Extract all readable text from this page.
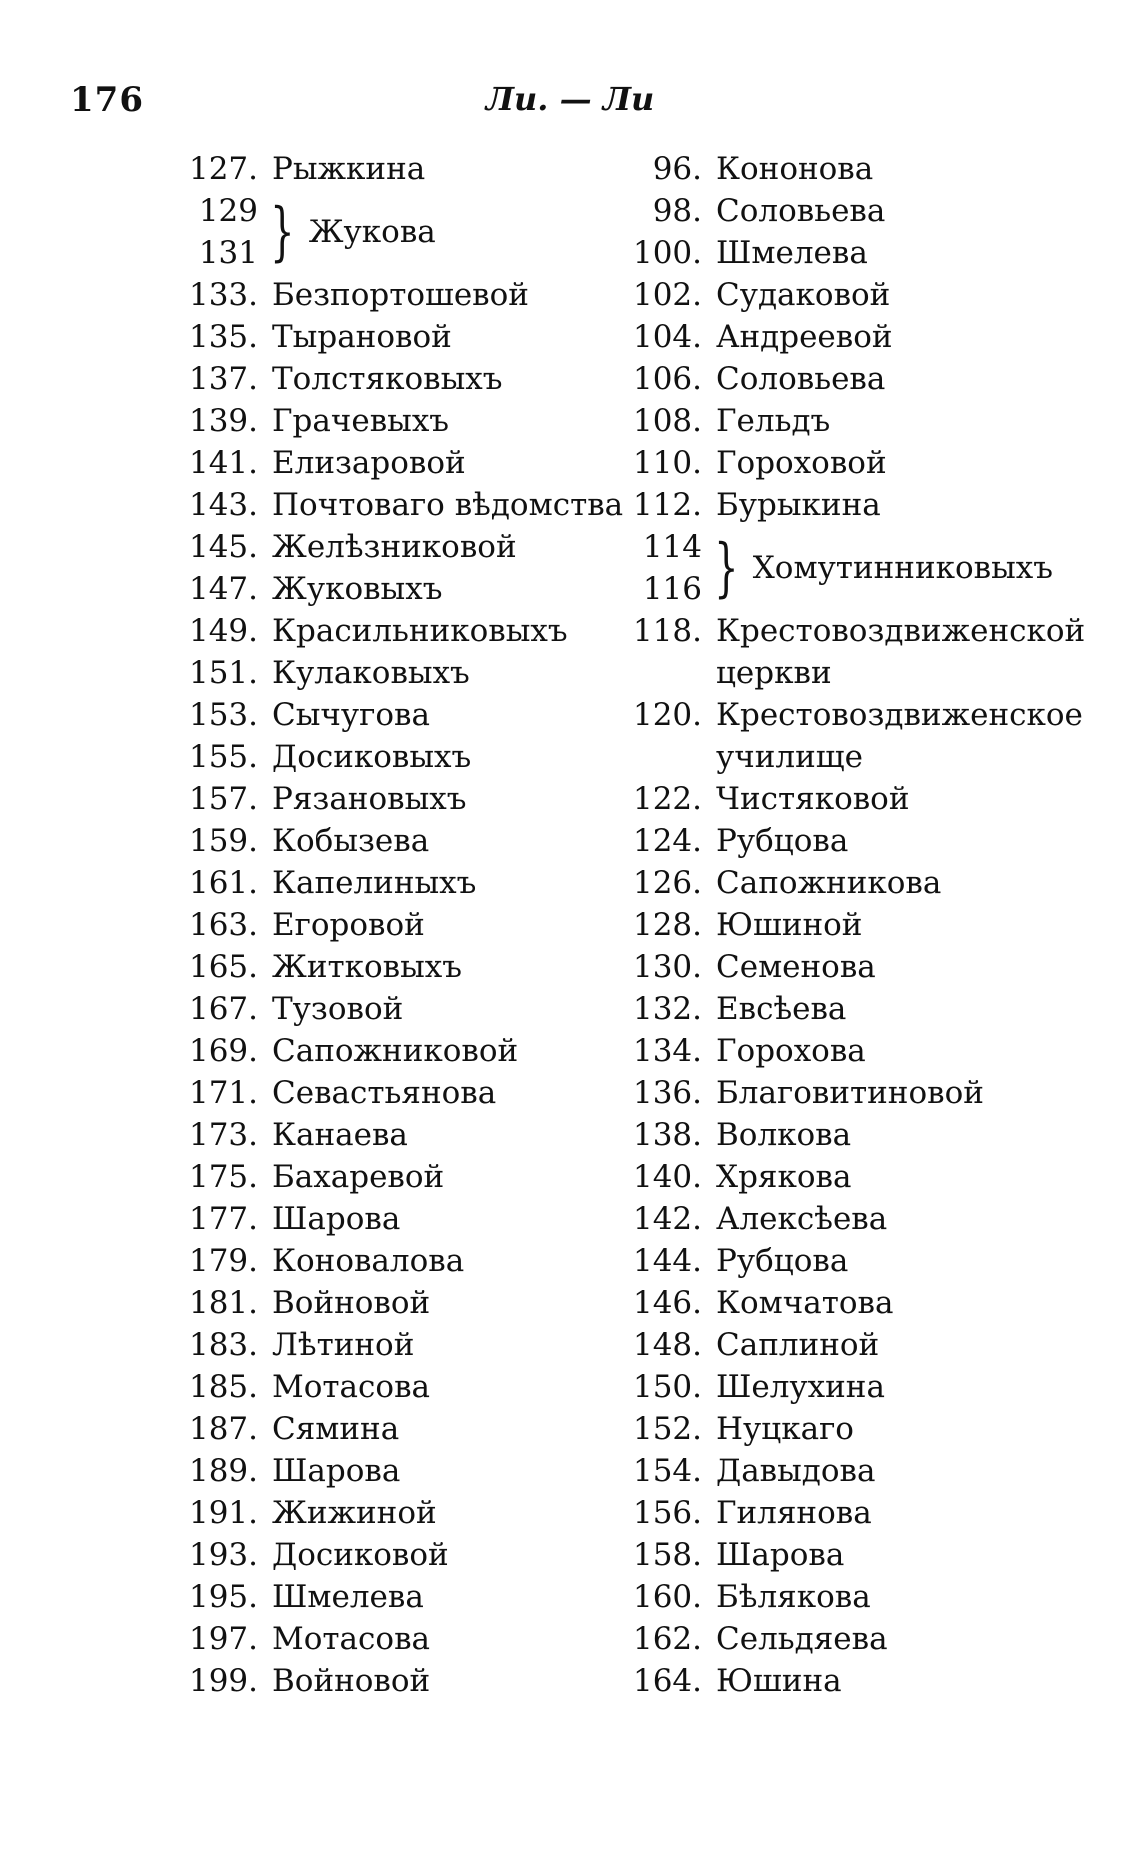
176	Ли. — Ли
127. Рыжкина
129
131 } Жукова
133. Безпортошевой
135. Тырановой
137. Толстяковыхъ
139. Грачевыхъ
141. Елизаровой
143. Почтоваго вѣдомства
145. Желѣзниковой
147. Жуковыхъ
149. Красильниковыхъ
151. Кулаковыхъ
153. Сычугова
155. Досиковыхъ
157. Рязановыхъ
159. Кобызева
161. Капелиныхъ
163. Егоровой
165. Житковыхъ
167. Тузовой
169. Сапожниковой
171. Севастьянова
173. Канаева
175. Бахаревой
177. Шарова
179. Коновалова
181. Войновой
183. Лѣтиной
185. Мотасова
187. Сямина
189. Шарова
191. Жижиной
193. Досиковой
195. Шмелева
197. Мотасова
199. Войновой
96. Кононова
98. Соловьева
100. Шмелева
102. Судаковой
104. Андреевой
106. Соловьева
108. Гельдъ
110. Гороховой
112. Бурыкина
114
116 } Хомутинниковыхъ
118. Крестовоздвиженской церкви
120. Крестовоздвиженское училище
122. Чистяковой
124. Рубцова
126. Сапожникова
128. Юшиной
130. Семенова
132. Евсѣева
134. Горохова
136. Благовитиновой
138. Волкова
140. Хрякова
142. Алексѣева
144. Рубцова
146. Комчатова
148. Саплиной
150. Шелухина
152. Нуцкаго
154. Давыдова
156. Гилянова
158. Шарова
160. Бѣлякова
162. Сельдяева
164. Юшина
